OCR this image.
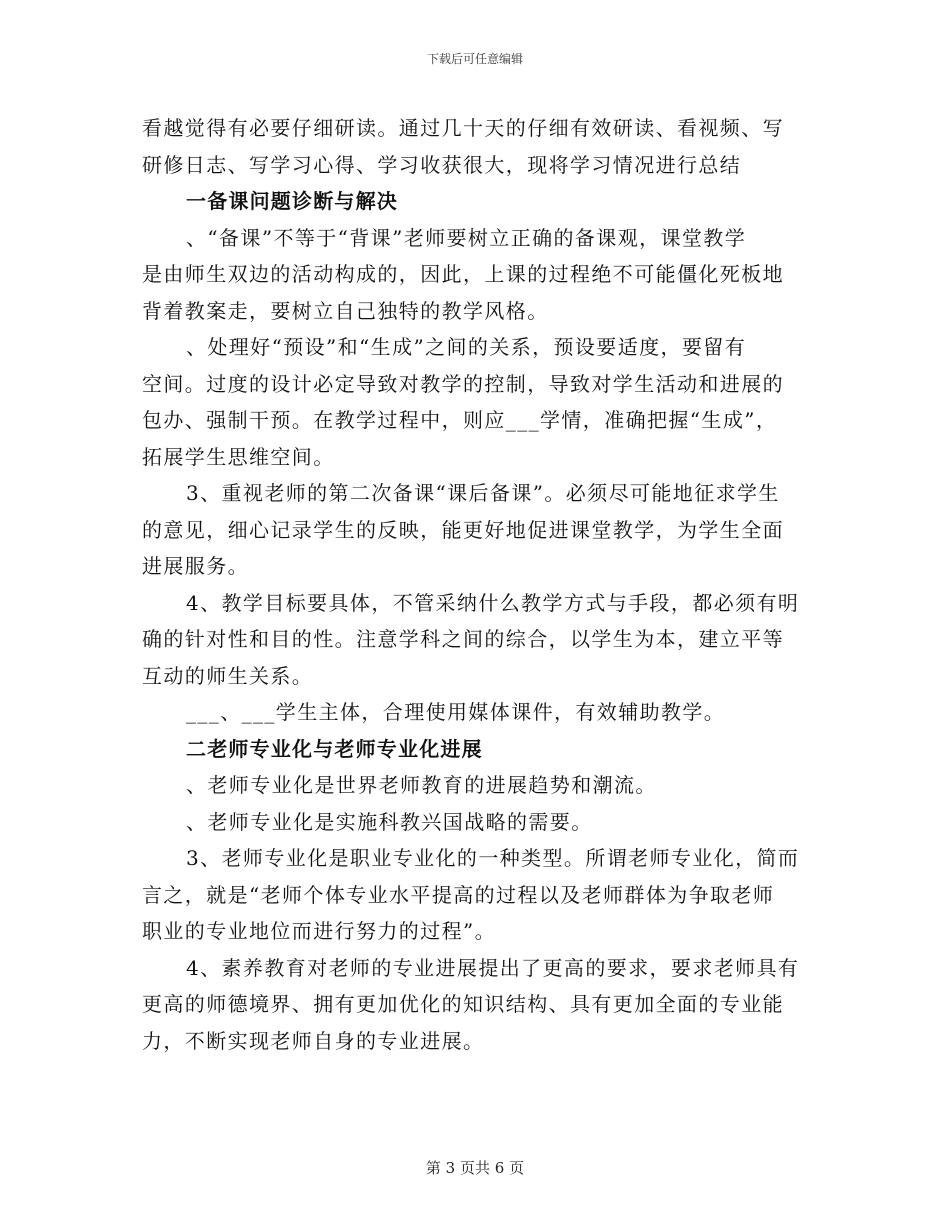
下载后可任意编辑
看越觉得有必要仔细研读。通过几十天的仔细有效研读、看视频、写
研修日志、写学习心得、学习收获很大，现将学习情况进行总结
一备课问题诊断与解决
、“备课”不等于“背课”老师要树立正确的备课观，课堂教学
是由师生双边的活动构成的，因此，上课的过程绝不可能僵化死板地
背着教案走，要树立自己独特的教学风格。
、处理好“预设”和“生成”之间的关系，预设要适度，要留有
空间。过度的设计必定导致对教学的控制，导致对学生活动和进展的
包办、强制干预。在教学过程中，则应___学情，准确把握“生成”，
拓展学生思维空间。
3、重视老师的第二次备课“课后备课”。必须尽可能地征求学生
的意见，细心记录学生的反映，能更好地促进课堂教学，为学生全面
进展服务。
4、教学目标要具体，不管采纳什么教学方式与手段，都必须有明
确的针对性和目的性。注意学科之间的综合，以学生为本，建立平等
互动的师生关系。
___、___学生主体，合理使用媒体课件，有效辅助教学。
二老师专业化与老师专业化进展
、老师专业化是世界老师教育的进展趋势和潮流。
、老师专业化是实施科教兴国战略的需要。
3、老师专业化是职业专业化的一种类型。所谓老师专业化，简而
言之，就是“老师个体专业水平提高的过程以及老师群体为争取老师
职业的专业地位而进行努力的过程”。
4、素养教育对老师的专业进展提出了更高的要求，要求老师具有
更高的师德境界、拥有更加优化的知识结构、具有更加全面的专业能
力，不断实现老师自身的专业进展。
第 3 页共 6 页
